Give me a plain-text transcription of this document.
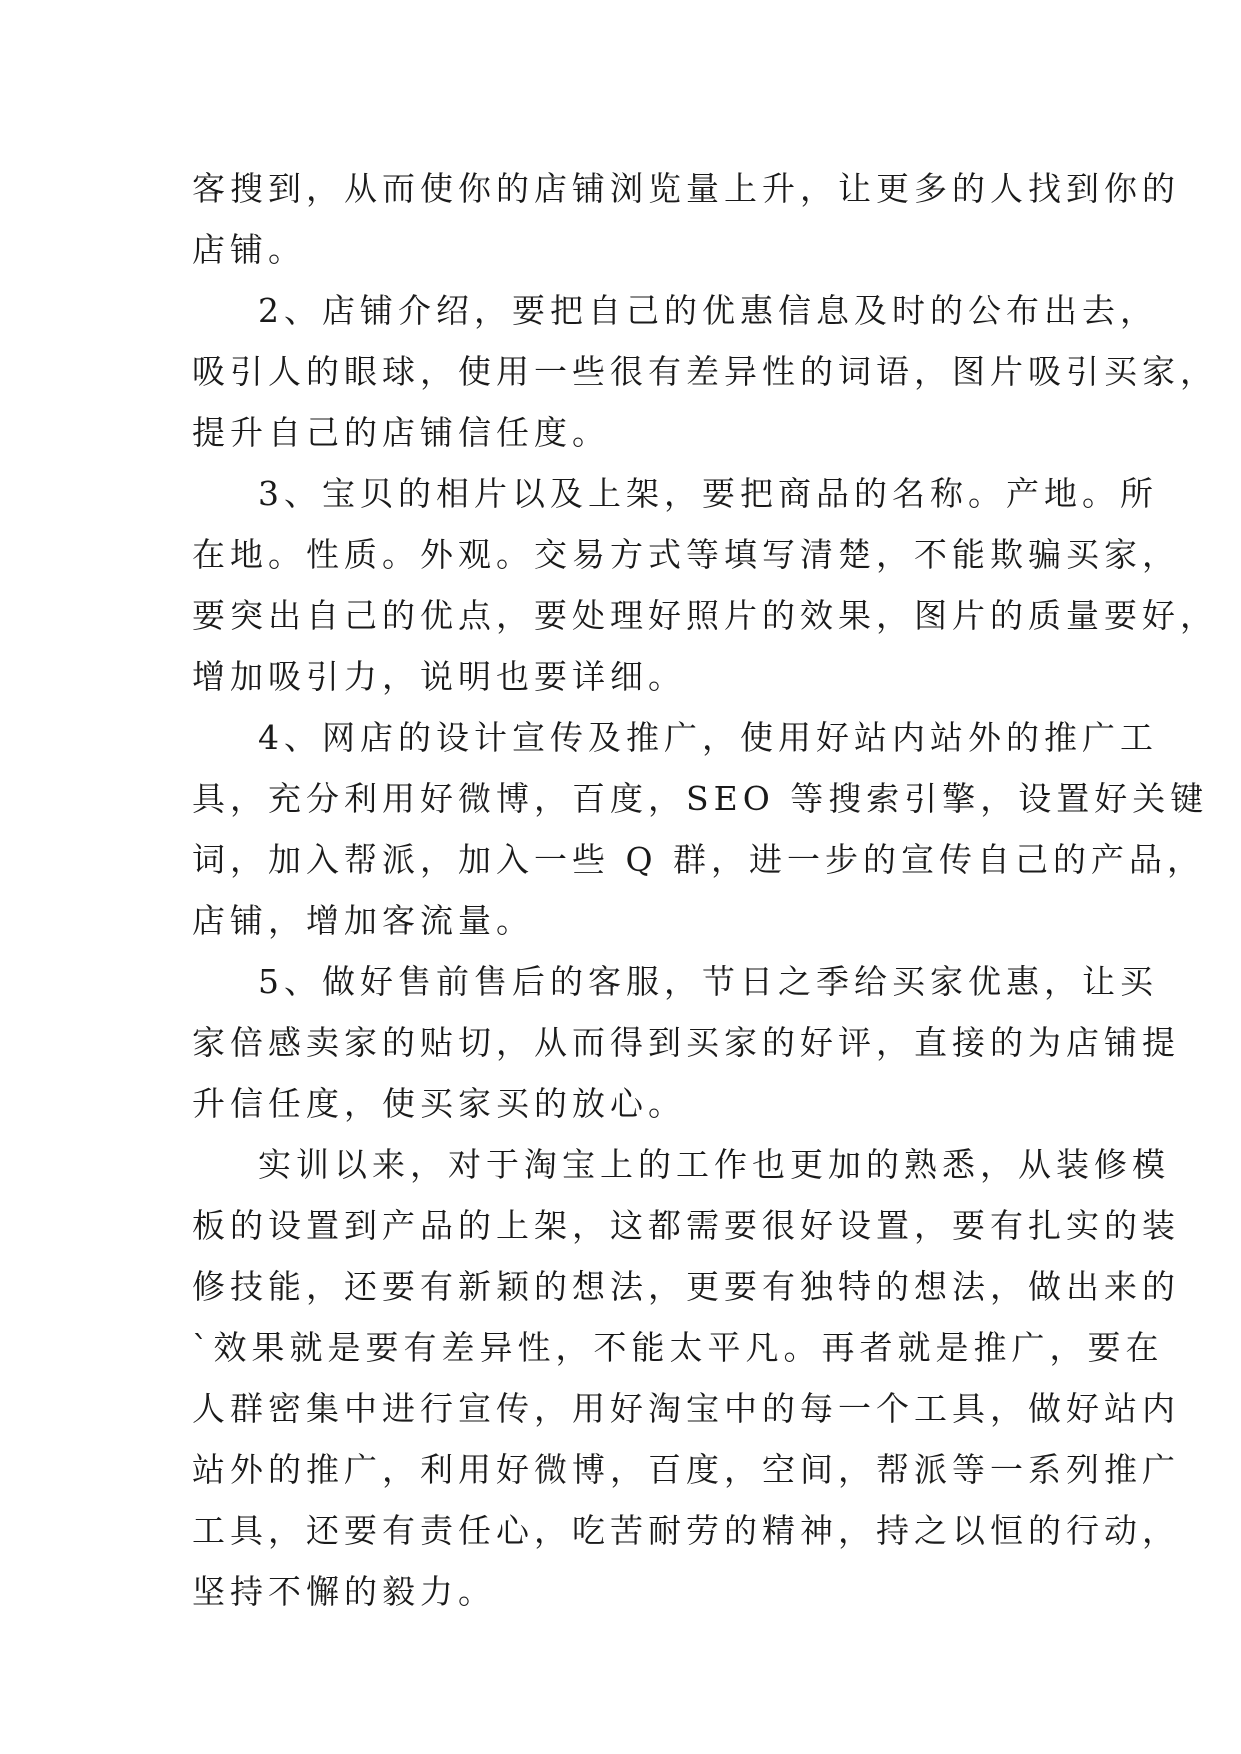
客搜到，从而使你的店铺浏览量上升，让更多的人找到你的
店铺。
2、店铺介绍，要把自己的优惠信息及时的公布出去，
吸引人的眼球，使用一些很有差异性的词语，图片吸引买家，
提升自己的店铺信任度。
3、宝贝的相片以及上架，要把商品的名称。产地。所
在地。性质。外观。交易方式等填写清楚，不能欺骗买家，
要突出自己的优点，要处理好照片的效果，图片的质量要好，
增加吸引力，说明也要详细。
4、网店的设计宣传及推广，使用好站内站外的推广工
具，充分利用好微博，百度，SEO 等搜索引擎，设置好关键
词，加入帮派，加入一些 Q 群，进一步的宣传自己的产品，
店铺，增加客流量。
5、做好售前售后的客服，节日之季给买家优惠，让买
家倍感卖家的贴切，从而得到买家的好评，直接的为店铺提
升信任度，使买家买的放心。
实训以来，对于淘宝上的工作也更加的熟悉，从装修模
板的设置到产品的上架，这都需要很好设置，要有扎实的装
修技能，还要有新颖的想法，更要有独特的想法，做出来的
`效果就是要有差异性，不能太平凡。再者就是推广，要在
人群密集中进行宣传，用好淘宝中的每一个工具，做好站内
站外的推广，利用好微博，百度，空间，帮派等一系列推广
工具，还要有责任心，吃苦耐劳的精神，持之以恒的行动，
坚持不懈的毅力。
